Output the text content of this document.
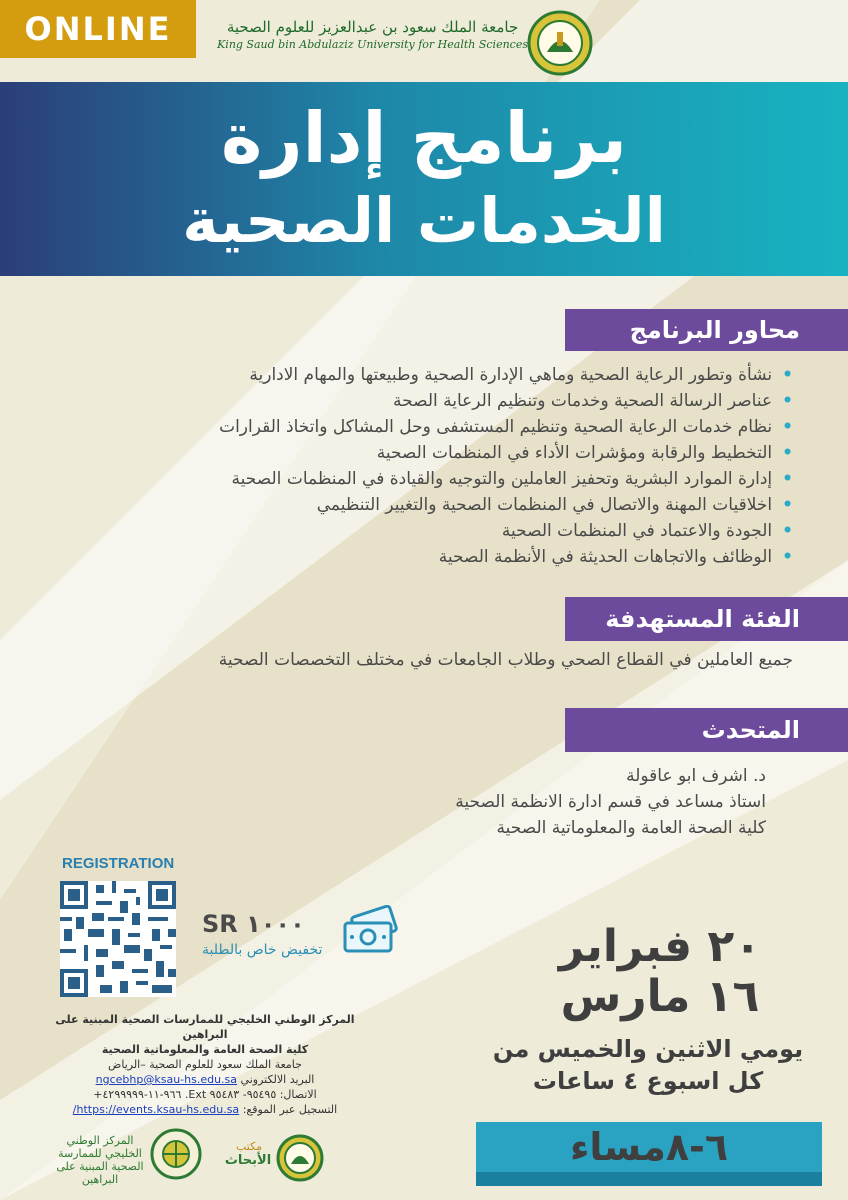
ONLINE	جامعة الملك سعود بن عبدالعزيز للعلوم الصحية
King Saud bin Abdulaziz University for Health Sciences
برنامج إدارة
الخدمات الصحية
محاور البرنامج
•نشأة وتطور الرعاية الصحية وماهي الإدارة الصحية وطبيعتها والمهام الادارية
•عناصر الرسالة الصحية وخدمات وتنظيم الرعاية الصحة
•نظام خدمات الرعاية الصحية وتنظيم المستشفى وحل المشاكل واتخاذ القرارات
•التخطيط والرقابة ومؤشرات الأداء في المنظمات الصحية
•إدارة الموارد البشرية وتحفيز العاملين والتوجيه والقيادة في المنظمات الصحية
•اخلاقيات المهنة والاتصال في المنظمات الصحية والتغيير التنظيمي
•الجودة والاعتماد في المنظمات الصحية
•الوظائف والاتجاهات الحديثة في الأنظمة الصحية
الفئة المستهدفة
جميع العاملين في القطاع الصحي وطلاب الجامعات في مختلف التخصصات الصحية
المتحدث
د. اشرف ابو عاقولة
استاذ مساعد في قسم ادارة الانظمة الصحية
كلية الصحة العامة والمعلوماتية الصحية
REGISTRATION
SR ١٠٠٠
تخفيض خاص بالطلبة
المركز الوطني الخليجي للممارسات الصحية المبنية على البراهين
كلية الصحة العامة والمعلوماتية الصحية
جامعة الملك سعود للعلوم الصحية –الرياض
البريد الالكتروني ngcebhp@ksau-hs.edu.sa
الاتصال: ٩٥٤٩٥- ٩٥٤٨٣ Ext. ٩٦٦-١١-٤٢٩٩٩٩٩+
التسجيل عبر الموقع: https://events.ksau-hs.edu.sa/
٢٠ فبراير
١٦ مارس
يومي الاثنين والخميس من
كل اسبوع ٤ ساعات
٦-٨مساء
المركز الوطني الخليجي للممارسة الصحية المبنية على البراهين
مكتب
الأبحاث
